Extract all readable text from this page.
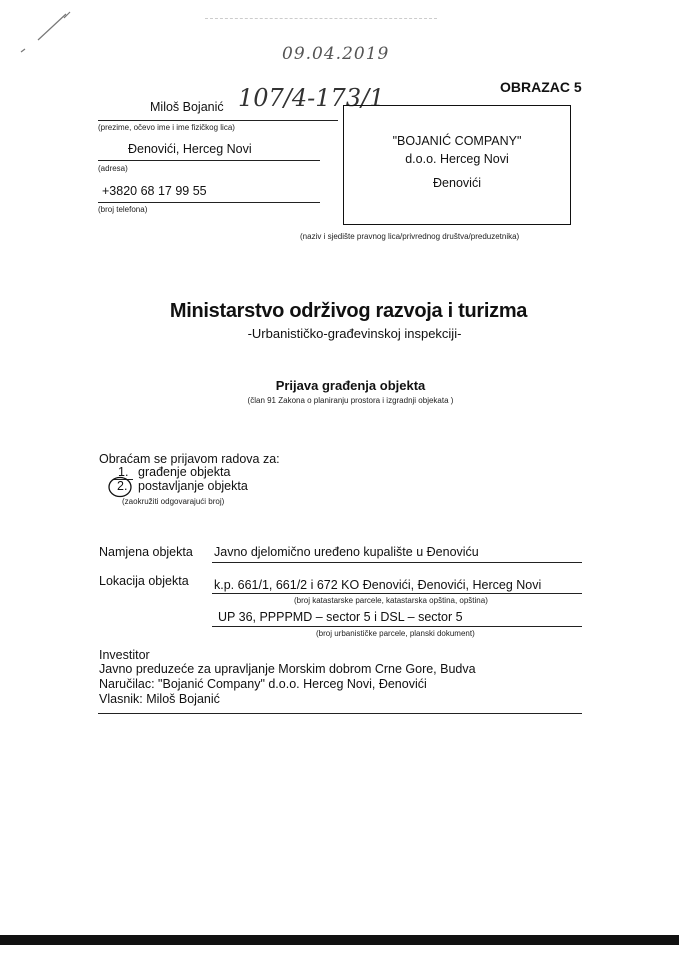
09.04.2019
OBRAZAC 5
Miloš Bojanić 107/4-173/1
(prezime, očevo ime i ime fizičkog lica)
Đenovići, Herceg Novi
(adresa)
+3820 68 17 99 55
(broj telefona)
"BOJANIĆ COMPANY"
d.o.o. Herceg Novi
Đenovići
(naziv i sjedište pravnog lica/privrednog društva/preduzetnika)
Ministarstvo održivog razvoja i turizma
-Urbanističko-građevinskoj inspekciji-
Prijava građenja objekta
(član 91 Zakona o planiranju prostora i izgradnji objekata )
Obraćam se prijavom radova za:
1. građenje objekta
2. postavljanje objekta
(zaokružiti odgovarajući broj)
Namjena objekta Javno djelomično uređeno kupalište u Đenoviću
Lokacija objekta k.p. 661/1, 661/2 i 672 KO Đenovići, Đenovići, Herceg Novi
(broj katastarske parcele, katastarska opština, opština)
UP 36, PPPPMD – sector 5 i DSL – sector 5
(broj urbanističke parcele, planski dokument)
Investitor
Javno preduzeće za upravljanje Morskim dobrom Crne Gore, Budva
Naručilac: "Bojanić Company" d.o.o. Herceg Novi, Đenovići
Vlasnik: Miloš Bojanić
